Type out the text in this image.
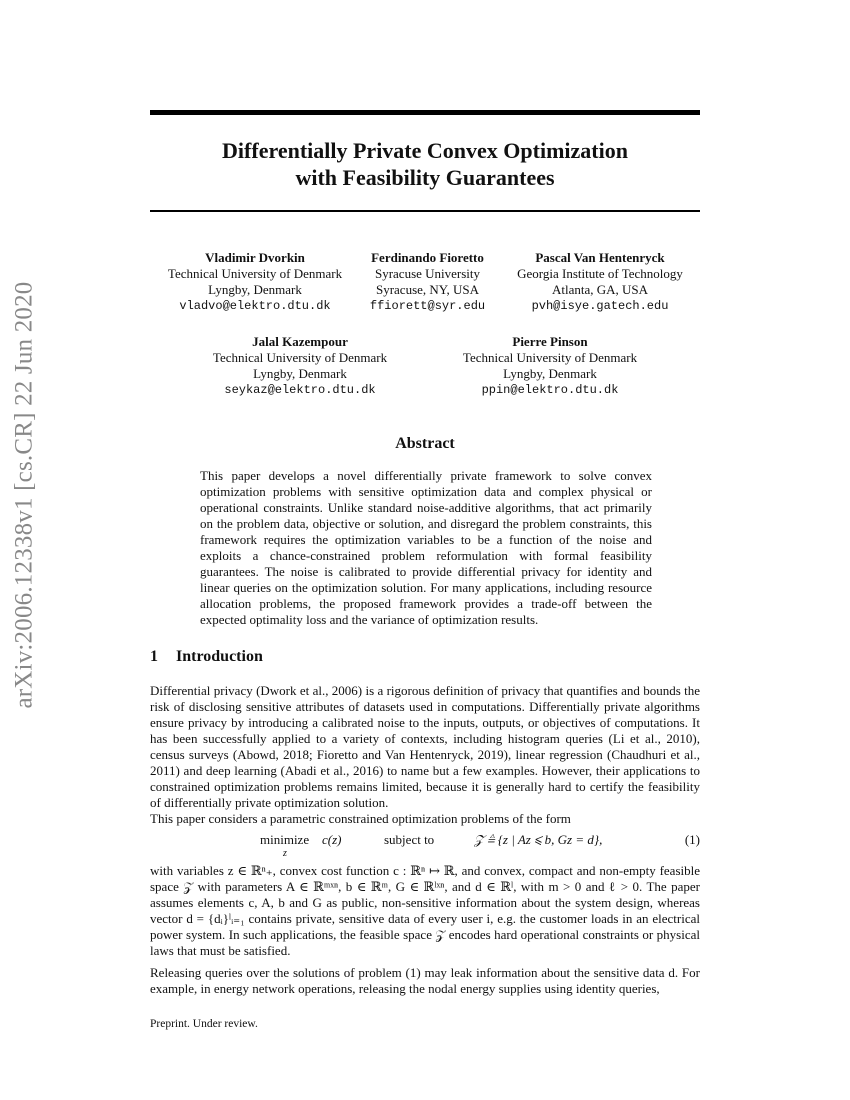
arXiv:2006.12338v1 [cs.CR] 22 Jun 2020
Differentially Private Convex Optimization
with Feasibility Guarantees
Vladimir Dvorkin
Technical University of Denmark
Lyngby, Denmark
vladvo@elektro.dtu.dk
Ferdinando Fioretto
Syracuse University
Syracuse, NY, USA
ffiorett@syr.edu
Pascal Van Hentenryck
Georgia Institute of Technology
Atlanta, GA, USA
pvh@isye.gatech.edu
Jalal Kazempour
Technical University of Denmark
Lyngby, Denmark
seykaz@elektro.dtu.dk
Pierre Pinson
Technical University of Denmark
Lyngby, Denmark
ppin@elektro.dtu.dk
Abstract
This paper develops a novel differentially private framework to solve convex optimization problems with sensitive optimization data and complex physical or operational constraints. Unlike standard noise-additive algorithms, that act primarily on the problem data, objective or solution, and disregard the problem constraints, this framework requires the optimization variables to be a function of the noise and exploits a chance-constrained problem reformulation with formal feasibility guarantees. The noise is calibrated to provide differential privacy for identity and linear queries on the optimization solution. For many applications, including resource allocation problems, the proposed framework provides a trade-off between the expected optimality loss and the variance of optimization results.
1 Introduction
Differential privacy (Dwork et al., 2006) is a rigorous definition of privacy that quantifies and bounds the risk of disclosing sensitive attributes of datasets used in computations. Differentially private algorithms ensure privacy by introducing a calibrated noise to the inputs, outputs, or objectives of computations. It has been successfully applied to a variety of contexts, including histogram queries (Li et al., 2010), census surveys (Abowd, 2018; Fioretto and Van Hentenryck, 2019), linear regression (Chaudhuri et al., 2011) and deep learning (Abadi et al., 2016) to name but a few examples. However, their applications to constrained optimization problems remains limited, because it is generally hard to certify the feasibility of differentially private optimization solution.
This paper considers a parametric constrained optimization problems of the form
minimize
z
c(z)	subject to	𝒵 ≜ {z | Az ⩽ b, Gz = d},	(1)
with variables z ∈ ℝⁿ₊, convex cost function c : ℝⁿ ↦ ℝ, and convex, compact and non-empty feasible space 𝒵 with parameters A ∈ ℝᵐˣⁿ, b ∈ ℝᵐ, G ∈ ℝˡˣⁿ, and d ∈ ℝˡ, with m > 0 and ℓ > 0. The paper assumes elements c, A, b and G as public, non-sensitive information about the system design, whereas vector d = {dᵢ}ˡᵢ₌₁ contains private, sensitive data of every user i, e.g. the customer loads in an electrical power system. In such applications, the feasible space 𝒵 encodes hard operational constraints or physical laws that must be satisfied.
Releasing queries over the solutions of problem (1) may leak information about the sensitive data d. For example, in energy network operations, releasing the nodal energy supplies using identity queries,
Preprint. Under review.
